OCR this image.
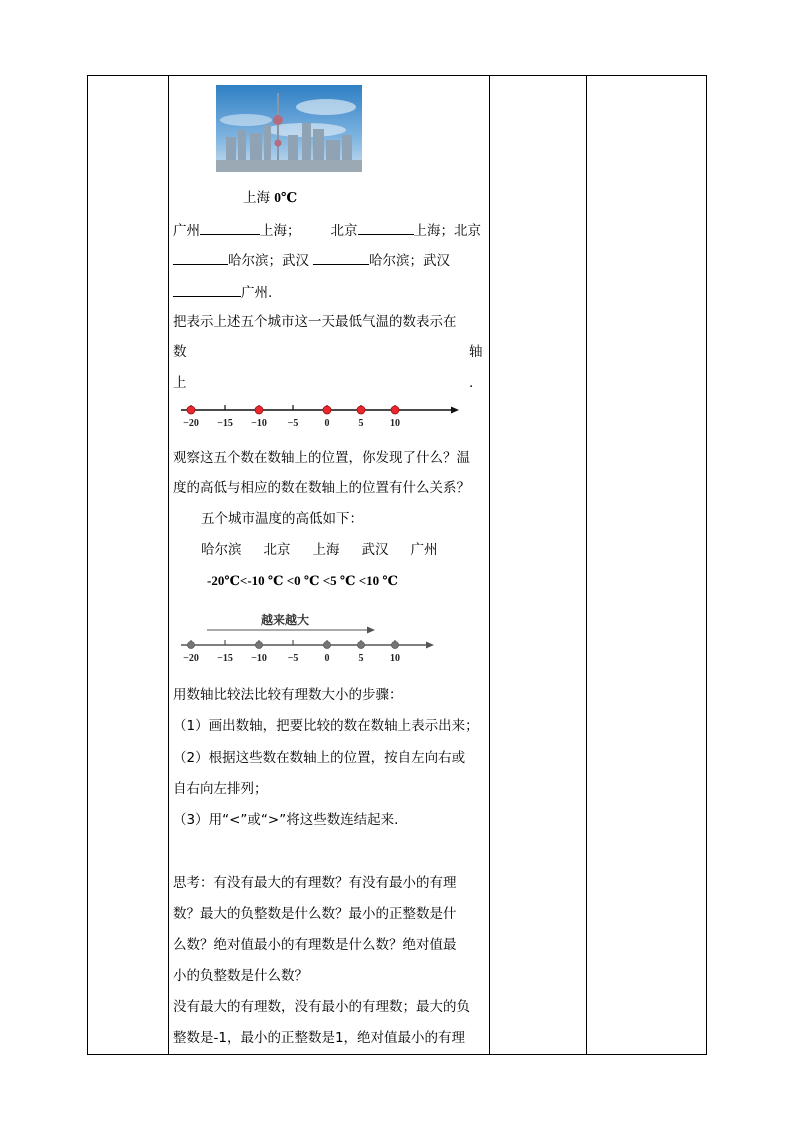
上海 0℃
广州	上海； 北京	上海；北京
哈尔滨；武汉	哈尔滨；武汉
广州.
把表示上述五个城市这一天最低气温的数表示在
数	轴
上	.
−20 −15 −10 −5	0	5	10
观察这五个数在数轴上的位置，你发现了什么？温
度的高低与相应的数在数轴上的位置有什么关系？
五个城市温度的高低如下：
哈尔滨 北京 上海 武汉 广州
-20℃<-10 ℃ <0 ℃ <5 ℃ <10 ℃
−20 −15 −10 −5	0	5	10
越来越大
用数轴比较法比较有理数大小的步骤：
（1）画出数轴，把要比较的数在数轴上表示出来；
（2）根据这些数在数轴上的位置，按自左向右或
自右向左排列；
（3）用“<”或“>”将这些数连结起来.
思考：有没有最大的有理数？有没有最小的有理
数？最大的负整数是什么数？最小的正整数是什
么数？绝对值最小的有理数是什么数？绝对值最
小的负整数是什么数？
没有最大的有理数，没有最小的有理数；最大的负
整数是-1，最小的正整数是1，绝对值最小的有理
